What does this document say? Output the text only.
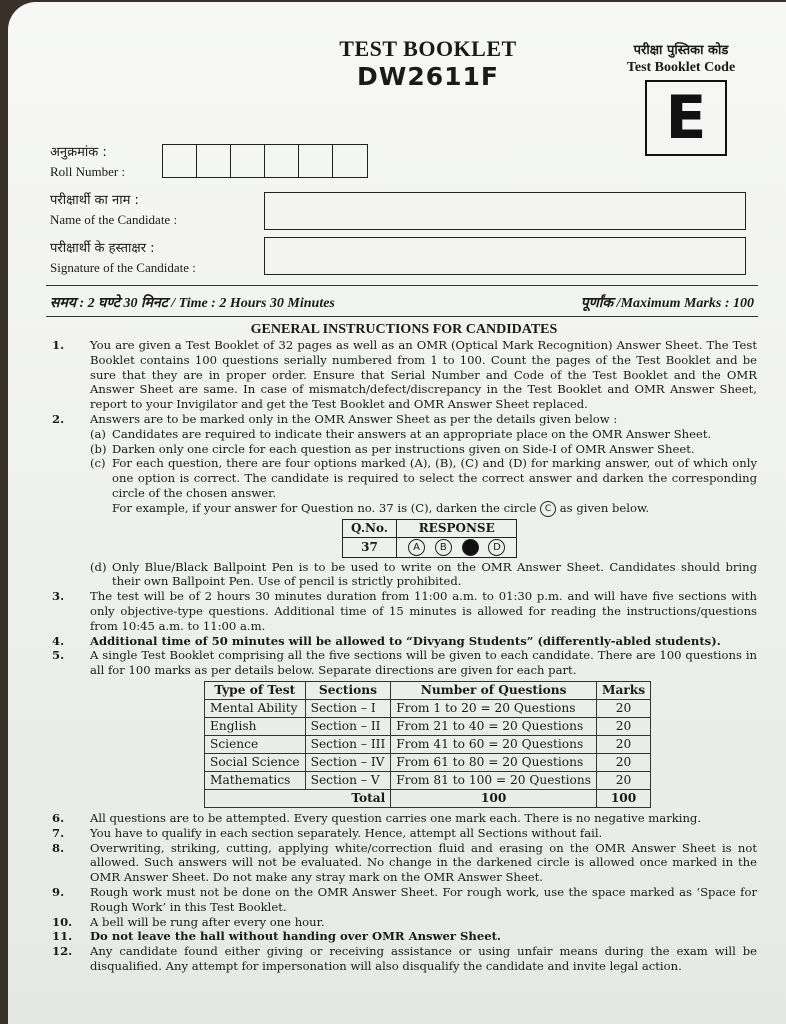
TEST BOOKLET
DW2611F
परीक्षा पुस्तिका कोड
Test Booklet Code
E
अनुक्रमांक :
Roll Number :
परीक्षार्थी का नाम :
Name of the Candidate :
परीक्षार्थी के हस्ताक्षर :
Signature of the Candidate :
समय : 2 घण्टे 30 मिनट / Time : 2 Hours 30 Minutes	पूर्णांक /Maximum Marks : 100
GENERAL INSTRUCTIONS FOR CANDIDATES
1.	You are given a Test Booklet of 32 pages as well as an OMR (Optical Mark Recognition) Answer Sheet. The Test Booklet contains 100 questions serially numbered from 1 to 100. Count the pages of the Test Booklet and be sure that they are in proper order. Ensure that Serial Number and Code of the Test Booklet and the OMR Answer Sheet are same. In case of mismatch/defect/discrepancy in the Test Booklet and OMR Answer Sheet, report to your Invigilator and get the Test Booklet and OMR Answer Sheet replaced.
2.	Answers are to be marked only in the OMR Answer Sheet as per the details given below :
(a) Candidates are required to indicate their answers at an appropriate place on the OMR Answer Sheet.
(b) Darken only one circle for each question as per instructions given on Side-I of OMR Answer Sheet.
(c) For each question, there are four options marked (A), (B), (C) and (D) for marking answer, out of which only one option is correct. The candidate is required to select the correct answer and darken the corresponding circle of the chosen answer.
For example, if your answer for Question no. 37 is (C), darken the circle C as given below.
Q.No.	RESPONSE
37	A B C D
(d) Only Blue/Black Ballpoint Pen is to be used to write on the OMR Answer Sheet. Candidates should bring their own Ballpoint Pen. Use of pencil is strictly prohibited.
3.	The test will be of 2 hours 30 minutes duration from 11:00 a.m. to 01:30 p.m. and will have five sections with only objective-type questions. Additional time of 15 minutes is allowed for reading the instructions/questions from 10:45 a.m. to 11:00 a.m.
4.	Additional time of 50 minutes will be allowed to “Divyang Students” (differently-abled students).
5.	A single Test Booklet comprising all the five sections will be given to each candidate. There are 100 questions in all for 100 marks as per details below. Separate directions are given for each part.
Type of Test	Sections	Number of Questions	Marks
Mental Ability	Section – I	From 1 to 20 = 20 Questions	20
English	Section – II	From 21 to 40 = 20 Questions	20
Science	Section – III	From 41 to 60 = 20 Questions	20
Social Science	Section – IV	From 61 to 80 = 20 Questions	20
Mathematics	Section – V	From 81 to 100 = 20 Questions	20
Total		100	100
6.	All questions are to be attempted. Every question carries one mark each. There is no negative marking.
7.	You have to qualify in each section separately. Hence, attempt all Sections without fail.
8.	Overwriting, striking, cutting, applying white/correction fluid and erasing on the OMR Answer Sheet is not allowed. Such answers will not be evaluated. No change in the darkened circle is allowed once marked in the OMR Answer Sheet. Do not make any stray mark on the OMR Answer Sheet.
9.	Rough work must not be done on the OMR Answer Sheet. For rough work, use the space marked as ‘Space for Rough Work’ in this Test Booklet.
10.	A bell will be rung after every one hour.
11.	Do not leave the hall without handing over OMR Answer Sheet.
12.	Any candidate found either giving or receiving assistance or using unfair means during the exam will be disqualified. Any attempt for impersonation will also disqualify the candidate and invite legal action.
